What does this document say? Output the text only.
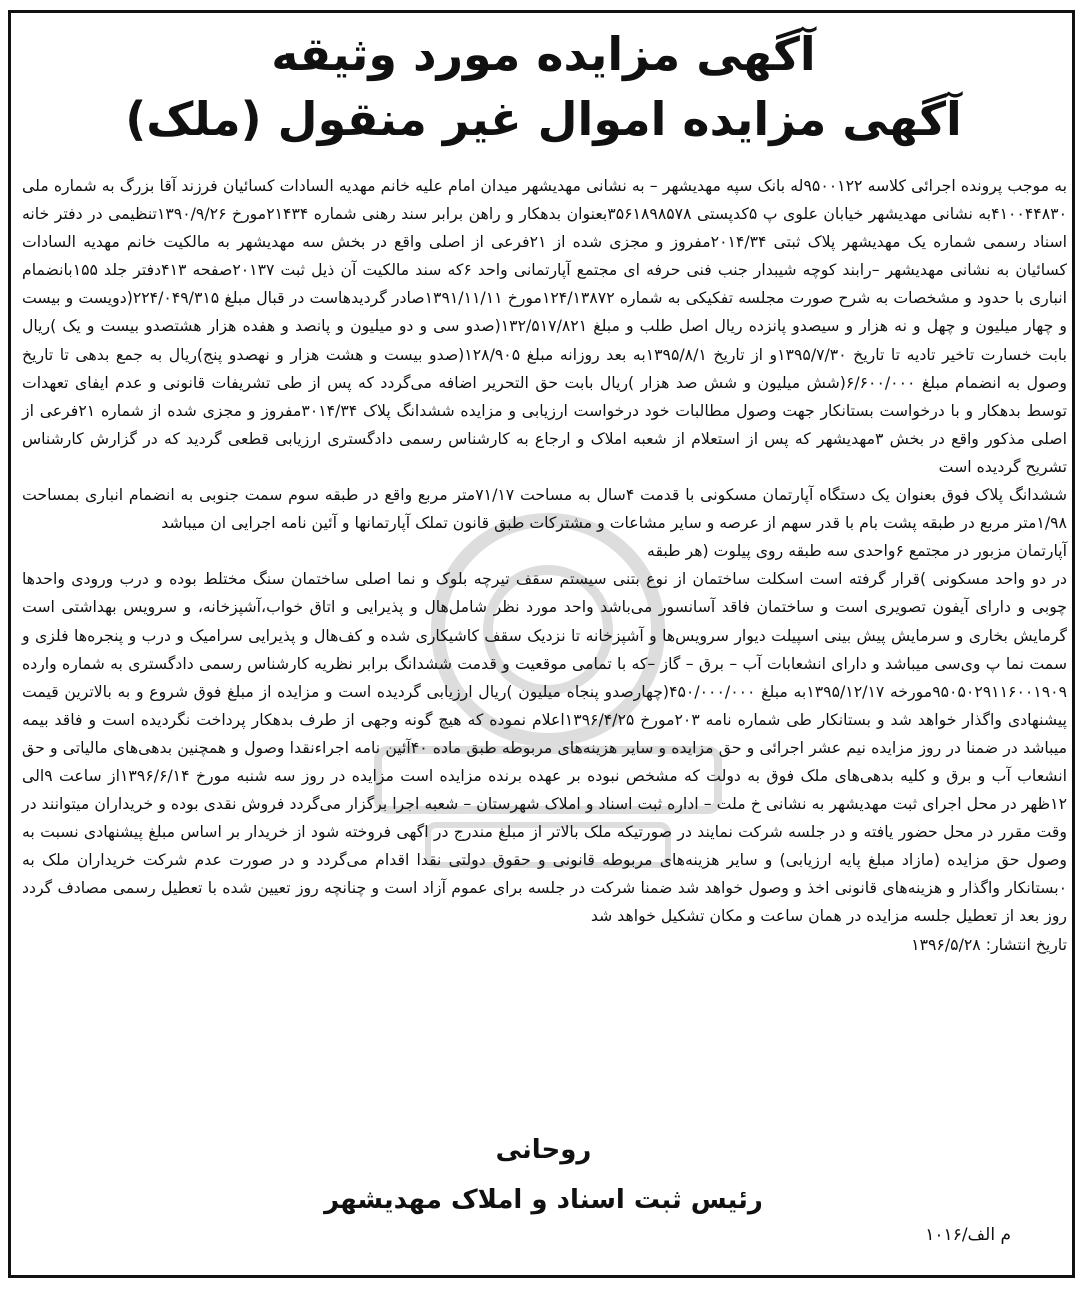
آگهی مزایده مورد وثیقه
آگهی مزایده اموال غیر منقول (ملک)

به موجب پرونده اجرائی کلاسه ۹۵۰۰۱۲۲له بانک سپه مهدیشهر – به نشانی مهدیشهر میدان امام علیه خانم مهدیه السادات کسائیان فرزند آقا بزرگ به شماره ملی ۴۱۰۰۴۴۸۳۰به نشانی مهدیشهر خیابان علوی پ ۵کدپستی ۳۵۶۱۸۹۸۵۷۸بعنوان بدهکار و راهن برابر سند رهنی شماره ۲۱۴۳۴مورخ ۱۳۹۰/۹/۲۶تنظیمی در دفتر خانه اسناد رسمی شماره یک مهدیشهر پلاک ثبتی ۲۰۱۴/۳۴مفروز و مجزی شده از ۲۱فرعی از اصلی واقع در بخش سه مهدیشهر به مالکیت خانم مهدیه السادات کسائیان به نشانی مهدیشهر –رابند کوچه شیبدار جنب فنی حرفه ای مجتمع آپارتمانی واحد ۶که سند مالکیت آن ذیل ثبت ۲۰۱۳۷صفحه ۴۱۳دفتر جلد ۱۵۵بانضمام انباری با حدود و مشخصات به شرح صورت مجلسه تفکیکی به شماره ۱۲۴/۱۳۸۷۲مورخ ۱۳۹۱/۱۱/۱۱صادر گردیدهاست در قبال مبلغ ۲۲۴/۰۴۹/۳۱۵(دویست و بیست و چهار میلیون و چهل و نه هزار و سیصدو پانزده ریال اصل طلب و مبلغ ۱۳۲/۵۱۷/۸۲۱(صدو سی و دو میلیون و پانصد و هفده هزار هشتصدو بیست و یک )ریال بابت خسارت تاخیر تادیه تا تاریخ ۱۳۹۵/۷/۳۰و از تاریخ ۱۳۹۵/۸/۱به بعد روزانه مبلغ ۱۲۸/۹۰۵(صدو بیست و هشت هزار و نهصدو پنج)ریال به جمع بدهی تا تاریخ وصول به انضمام مبلغ ۶/۶۰۰/۰۰۰(شش میلیون و شش صد هزار )ریال بابت حق التحریر اضافه می‌گردد که پس از طی تشریفات قانونی و عدم ایفای تعهدات توسط بدهکار و با درخواست بستانکار جهت وصول مطالبات خود درخواست ارزیابی و مزایده ششدانگ پلاک ۳۰۱۴/۳۴مفروز و مجزی شده از شماره ۲۱فرعی از اصلی مذکور واقع در بخش ۳مهدیشهر که پس از استعلام از شعبه املاک و ارجاع به کارشناس رسمی دادگستری ارزیابی قطعی گردید که در گزارش کارشناس تشریح گردیده است

ششدانگ پلاک فوق بعنوان یک دستگاه آپارتمان مسکونی با قدمت ۴سال به مساحت ۷۱/۱۷متر مربع واقع در طبقه سوم سمت جنوبی به انضمام انباری بمساحت ۱/۹۸متر مربع در طبقه پشت بام با قدر سهم از عرصه و سایر مشاعات و مشترکات طبق قانون تملک آپارتمانها و آئین نامه اجرایی ان میباشد

آپارتمان مزبور در مجتمع ۶واحدی سه طبقه روی پیلوت (هر طبقه

در دو واحد مسکونی )قرار گرفته است اسکلت ساختمان از نوع بتنی سیستم سقف تیرچه بلوک و نما اصلی ساختمان سنگ مختلط بوده و درب ورودی واحدها چوبی و دارای آیفون تصویری است و ساختمان فاقد آسانسور می‌باشد واحد مورد نظر شامل‌هال و پذیرایی و اتاق خواب،آشپزخانه، و سرویس بهداشتی است گرمایش بخاری و سرمایش پیش بینی اسپیلت دیوار سرویس‌ها و آشپزخانه تا نزدیک سقف کاشیکاری شده و کف‌هال و پذیرایی سرامیک و درب و پنجره‌ها فلزی و سمت نما پ وی‌سی میباشد و دارای انشعابات آب – برق – گاز –که با تمامی موقعیت و قدمت ششدانگ برابر نظریه کارشناس رسمی دادگستری به شماره وارده ۹۵۰۵۰۲۹۱۱۶۰۰۱۹۰۹مورخه ۱۳۹۵/۱۲/۱۷به مبلغ ۴۵۰/۰۰۰/۰۰۰(چهارصدو پنجاه میلیون )ریال ارزیابی گردیده است و مزایده از مبلغ فوق شروع و به بالاترین قیمت پیشنهادی واگذار خواهد شد و بستانکار طی شماره نامه ۲۰۳مورخ ۱۳۹۶/۴/۲۵اعلام نموده که هیچ گونه وجهی از طرف بدهکار پرداخت نگردیده است و فاقد بیمه میباشد در ضمنا در روز مزایده نیم عشر اجرائی و حق مزایده و سایر هزینه‌های مربوطه طبق ماده ۴۰آئین نامه اجراءنقدا وصول و همچنین بدهی‌های مالیاتی و حق انشعاب آب و برق و کلیه بدهی‌های ملک فوق به دولت که مشخص نبوده بر عهده برنده مزایده است مزایده در روز سه شنبه مورخ ۱۳۹۶/۶/۱۴از ساعت ۹الی ۱۲ظهر در محل اجرای ثبت مهدیشهر به نشانی خ ملت – اداره ثبت اسناد و املاک شهرستان – شعبه اجرا برگزار می‌گردد فروش نقدی بوده و خریداران میتوانند در وقت مقرر در محل حضور یافته و در جلسه شرکت نمایند در صورتیکه ملک بالاتر از مبلغ مندرج در اگهی فروخته شود از خریدار بر اساس مبلغ پیشنهادی نسبت به وصول حق مزایده (مازاد مبلغ پایه ارزیابی) و سایر هزینه‌های مربوطه قانونی و حقوق دولتی نقدا اقدام می‌گردد و در صورت عدم شرکت خریداران ملک به ٠بستانکار واگذار و هزینه‌های قانونی اخذ و وصول خواهد شد ضمنا شرکت در جلسه برای عموم آزاد است و چنانچه روز تعیین شده با تعطیل رسمی مصادف گردد روز بعد از تعطیل جلسه مزایده در همان ساعت و مکان تشکیل خواهد شد

تاریخ انتشار: ۱۳۹۶/۵/۲۸

روحانی
رئیس ثبت اسناد و املاک مهدیشهر
م الف/۱۰۱۶
